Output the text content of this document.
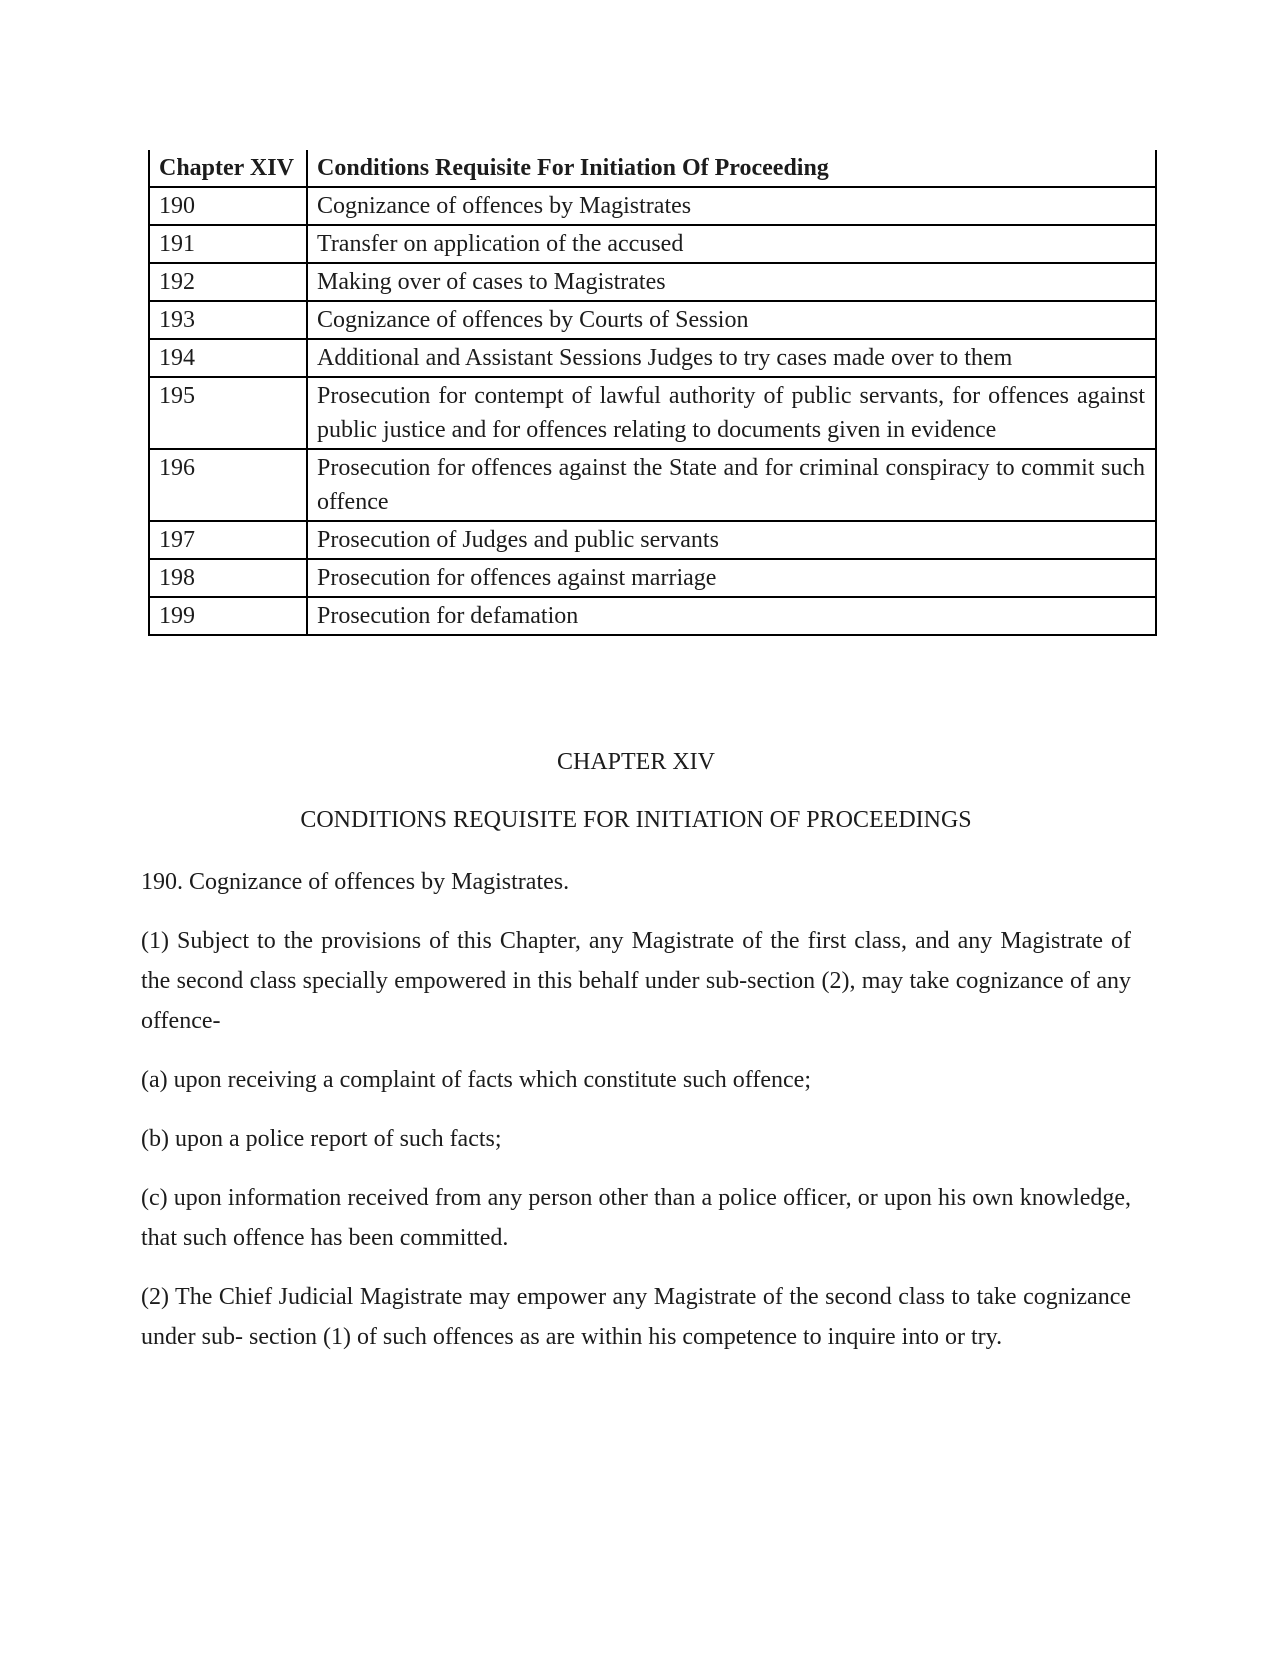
Chapter XIV	Conditions Requisite For Initiation Of Proceeding
190	Cognizance of offences by Magistrates
191	Transfer on application of the accused
192	Making over of cases to Magistrates
193	Cognizance of offences by Courts of Session
194	Additional and Assistant Sessions Judges to try cases made over to them
195	Prosecution for contempt of lawful authority of public servants, for offences against public justice and for offences relating to documents given in evidence
196	Prosecution for offences against the State and for criminal conspiracy to commit such offence
197	Prosecution of Judges and public servants
198	Prosecution for offences against marriage
199	Prosecution for defamation

CHAPTER XIV

CONDITIONS REQUISITE FOR INITIATION OF PROCEEDINGS

190. Cognizance of offences by Magistrates.

(1) Subject to the provisions of this Chapter, any Magistrate of the first class, and any Magistrate of the second class specially empowered in this behalf under sub-section (2), may take cognizance of any offence-

(a) upon receiving a complaint of facts which constitute such offence;

(b) upon a police report of such facts;

(c) upon information received from any person other than a police officer, or upon his own knowledge, that such offence has been committed.

(2) The Chief Judicial Magistrate may empower any Magistrate of the second class to take cognizance under sub- section (1) of such offences as are within his competence to inquire into or try.
